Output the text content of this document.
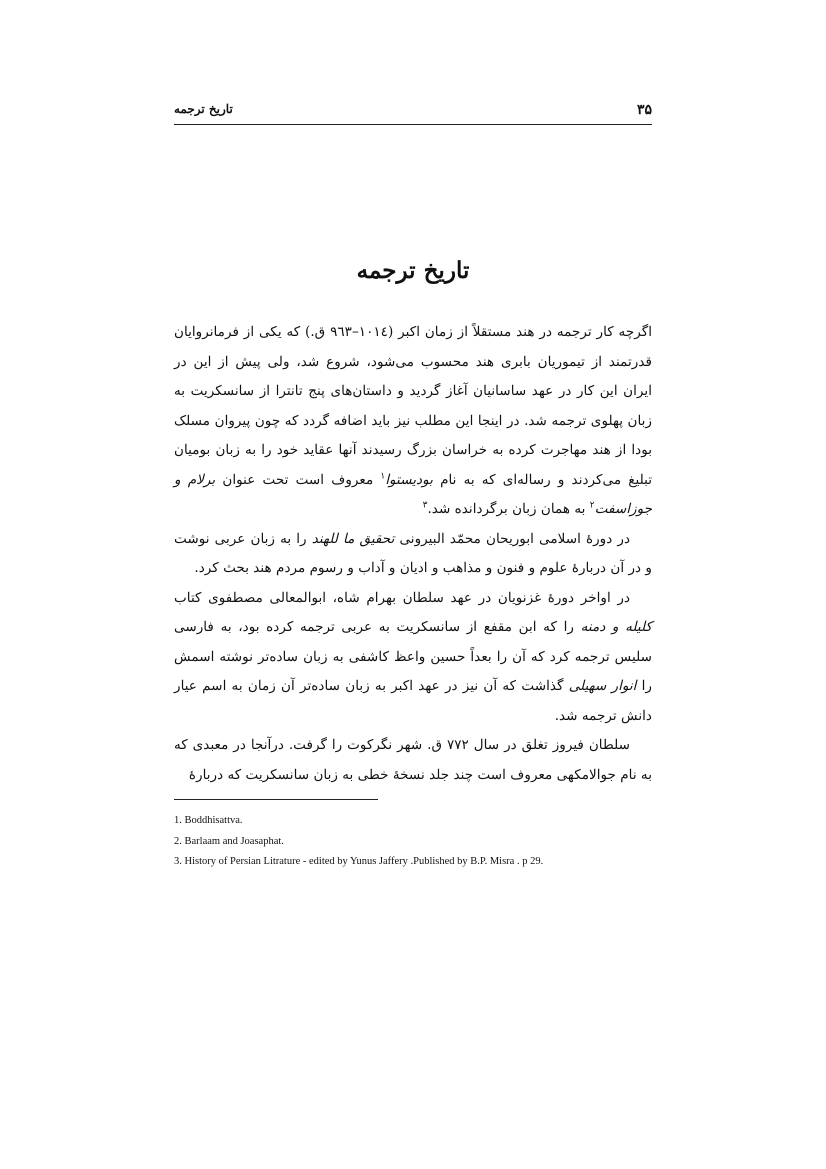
۳۵
تاریخ ترجمه
تاریخ ترجمه

اگرچه کار ترجمه در هند مستقلاً از زمان اکبر (۱۰۱٤–۹٦۳ ق.) که یکی از فرمانروایان قدرتمند از تیموریان بابری هند محسوب می‌شود، شروع شد، ولی پیش از این در ایران این کار در عهد ساسانیان آغاز گردید و داستان‌های پنج تانترا از سانسکریت به زبان پهلوی ترجمه شد. در اینجا این مطلب نیز باید اضافه گردد که چون پیروان مسلک بودا از هند مهاجرت کرده به خراسان بزرگ رسیدند آنها عقاید خود را به زبان بومیان تبلیغ می‌کردند و رساله‌ای که به نام بودیستوا$^۱$ معروف است تحت عنوان برلام و جوزاسفت$^۲$ به همان زبان برگردانده شد.$^۳$

در دورهٔ اسلامی ابوریحان محمّد البیرونی تحقیق ما للهند را به زبان عربی نوشت و در آن دربارهٔ علوم و فنون و مذاهب و ادیان و آداب و رسوم مردم هند بحث کرد.

در اواخر دورهٔ غزنویان در عهد سلطان بهرام شاه، ابوالمعالی مصطفوی کتاب کلیله و دمنه را که ابن مقفع از سانسکریت به عربی ترجمه کرده بود، به فارسی سلیس ترجمه کرد که آن را بعداً حسین واعظ کاشفی به زبان ساده‌تر نوشته اسمش را انوار سهیلی گذاشت که آن نیز در عهد اکبر به زبان ساده‌تر آن زمان به اسم عیار دانش ترجمه شد.

سلطان فیروز تغلق در سال ۷۷۲ ق. شهر نگرکوت را گرفت. درآنجا در معبدی که به نام جوالامکهی معروف است چند جلد نسخهٔ خطی به زبان سانسکریت که دربارهٔ

1. Boddhisattva.
2. Barlaam and Joasaphat.
3. History of Persian Litrature - edited by Yunus Jaffery .Published by B.P. Misra . p 29.
